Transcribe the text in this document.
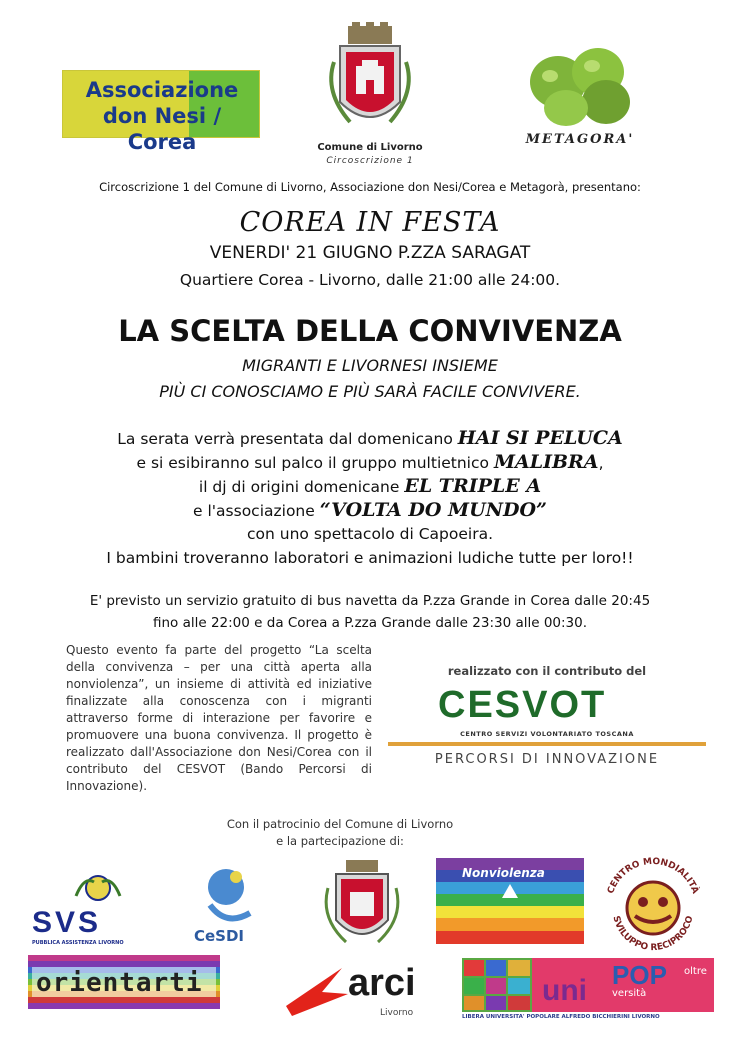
Associazione don Nesi / Corea	Comune di Livorno
Circoscrizione 1
METAGORA'
Circoscrizione 1 del Comune di Livorno, Associazione don Nesi/Corea e Metagorà, presentano:
COREA IN FESTA
VENERDI' 21 GIUGNO P.ZZA SARAGAT
Quartiere Corea - Livorno, dalle 21:00 alle 24:00.
LA SCELTA DELLA CONVIVENZA
MIGRANTI E LIVORNESI INSIEME
PIÙ CI CONOSCIAMO E PIÙ SARÀ FACILE CONVIVERE.
La serata verrà presentata dal domenicano HAI SI PELUCA
e si esibiranno sul palco il gruppo multietnico MALIBRA,
il dj di origini domenicane EL TRIPLE A
e l'associazione “VOLTA DO MUNDO”
con uno spettacolo di Capoeira.
I bambini troveranno laboratori e animazioni ludiche tutte per loro!!
E' previsto un servizio gratuito di bus navetta da P.zza Grande in Corea dalle 20:45
fino alle 22:00 e da Corea a P.zza Grande dalle 23:30 alle 00:30.
Questo evento fa parte del progetto “La scelta della convivenza – per una città aperta alla nonviolenza”, un insieme di attività ed iniziative finalizzate alla conoscenza con i migranti attraverso forme di interazione per favorire e promuovere una buona convivenza. Il progetto è realizzato dall'Associazione don Nesi/Corea con il contributo del CESVOT (Bando Percorsi di Innovazione).
realizzato con il contributo del
CESVOT
CENTRO SERVIZI VOLONTARIATO TOSCANA
PERCORSI DI INNOVAZIONE
Con il patrocinio del Comune di Livorno
e la partecipazione di:
SVS
PUBBLICA ASSISTENZA LIVORNO	CeSDI
Nonviolenza
CENTRO MONDIALITÀ
SVILUPPO RECIPROCO
orientarti	arci
Livorno
uni POP
versità
oltre
LIBERA UNIVERSITA' POPOLARE ALFREDO BICCHIERINI LIVORNO
